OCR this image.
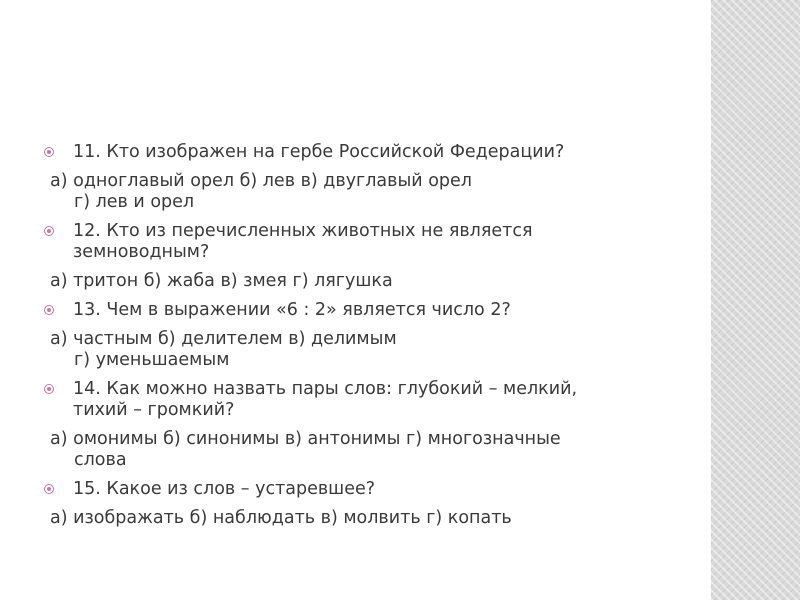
11. Кто изображен на гербе Российской Федерации?
а) одноглавый орел б) лев в) двуглавый орел
г) лев и орел
12. Кто из перечисленных животных не является
земноводным?
а) тритон б) жаба в) змея г) лягушка
13. Чем в выражении «6 : 2» является число 2?
а) частным б) делителем в) делимым
г) уменьшаемым
14. Как можно назвать пары слов: глубокий – мелкий,
тихий – громкий?
а) омонимы б) синонимы в) антонимы г) многозначные
слова
15. Какое из слов – устаревшее?
а) изображать б) наблюдать в) молвить г) копать
